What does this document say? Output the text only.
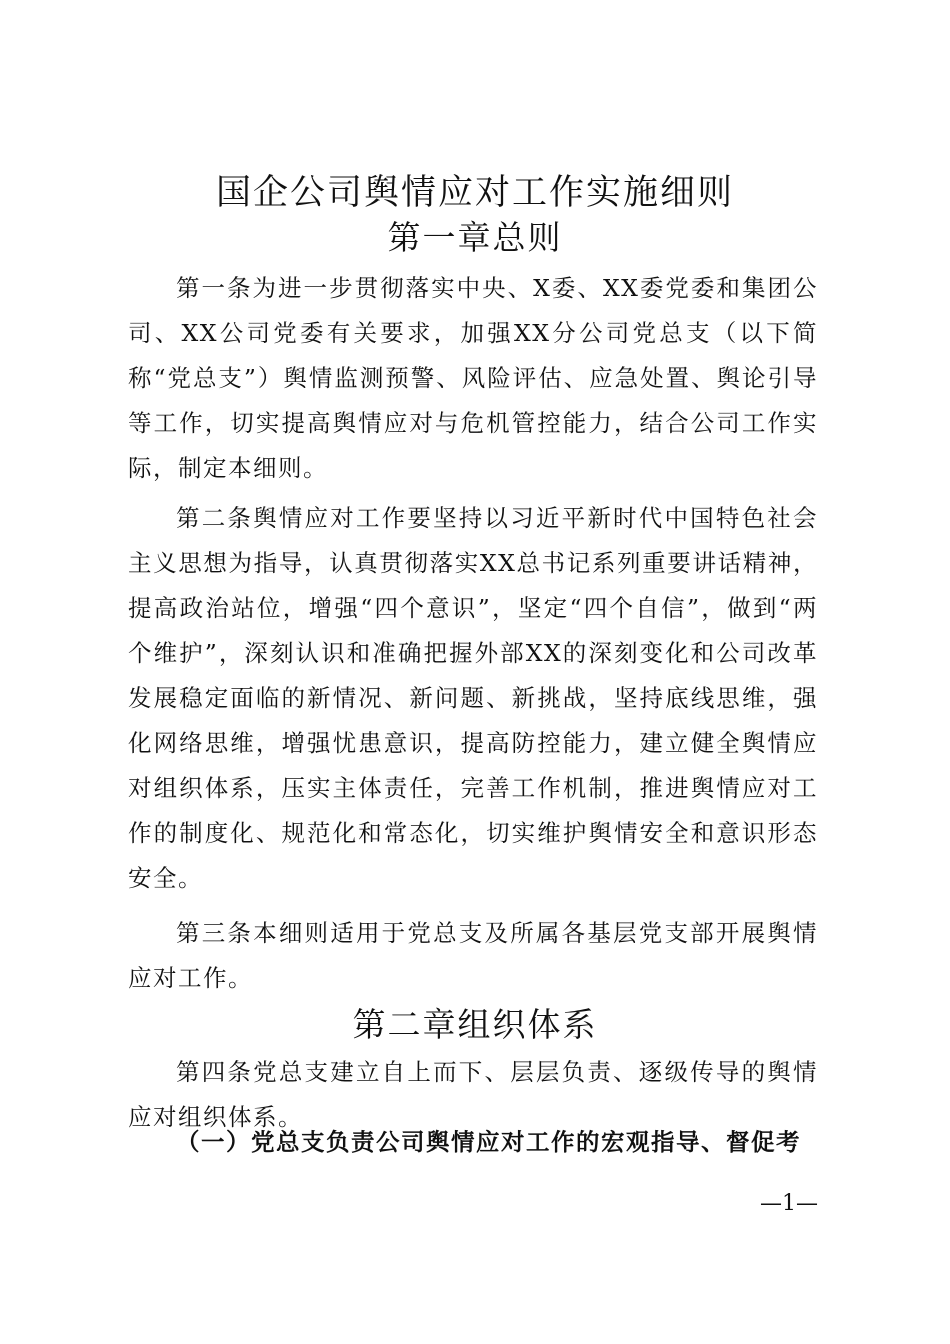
国企公司舆情应对工作实施细则
第一章总则

第一条为进一步贯彻落实中央、X委、XX委党委和集团公司、XX公司党委有关要求，加强XX分公司党总支（以下简称“党总支”）舆情监测预警、风险评估、应急处置、舆论引导等工作，切实提高舆情应对与危机管控能力，结合公司工作实际，制定本细则。

第二条舆情应对工作要坚持以习近平新时代中国特色社会主义思想为指导，认真贯彻落实XX总书记系列重要讲话精神，提高政治站位，增强“四个意识”，坚定“四个自信”，做到“两个维护”，深刻认识和准确把握外部XX的深刻变化和公司改革发展稳定面临的新情况、新问题、新挑战，坚持底线思维，强化网络思维，增强忧患意识，提高防控能力，建立健全舆情应对组织体系，压实主体责任，完善工作机制，推进舆情应对工作的制度化、规范化和常态化，切实维护舆情安全和意识形态安全。

第三条本细则适用于党总支及所属各基层党支部开展舆情应对工作。

第二章组织体系

第四条党总支建立自上而下、层层负责、逐级传导的舆情应对组织体系。

（一）党总支负责公司舆情应对工作的宏观指导、督促考

—1—
